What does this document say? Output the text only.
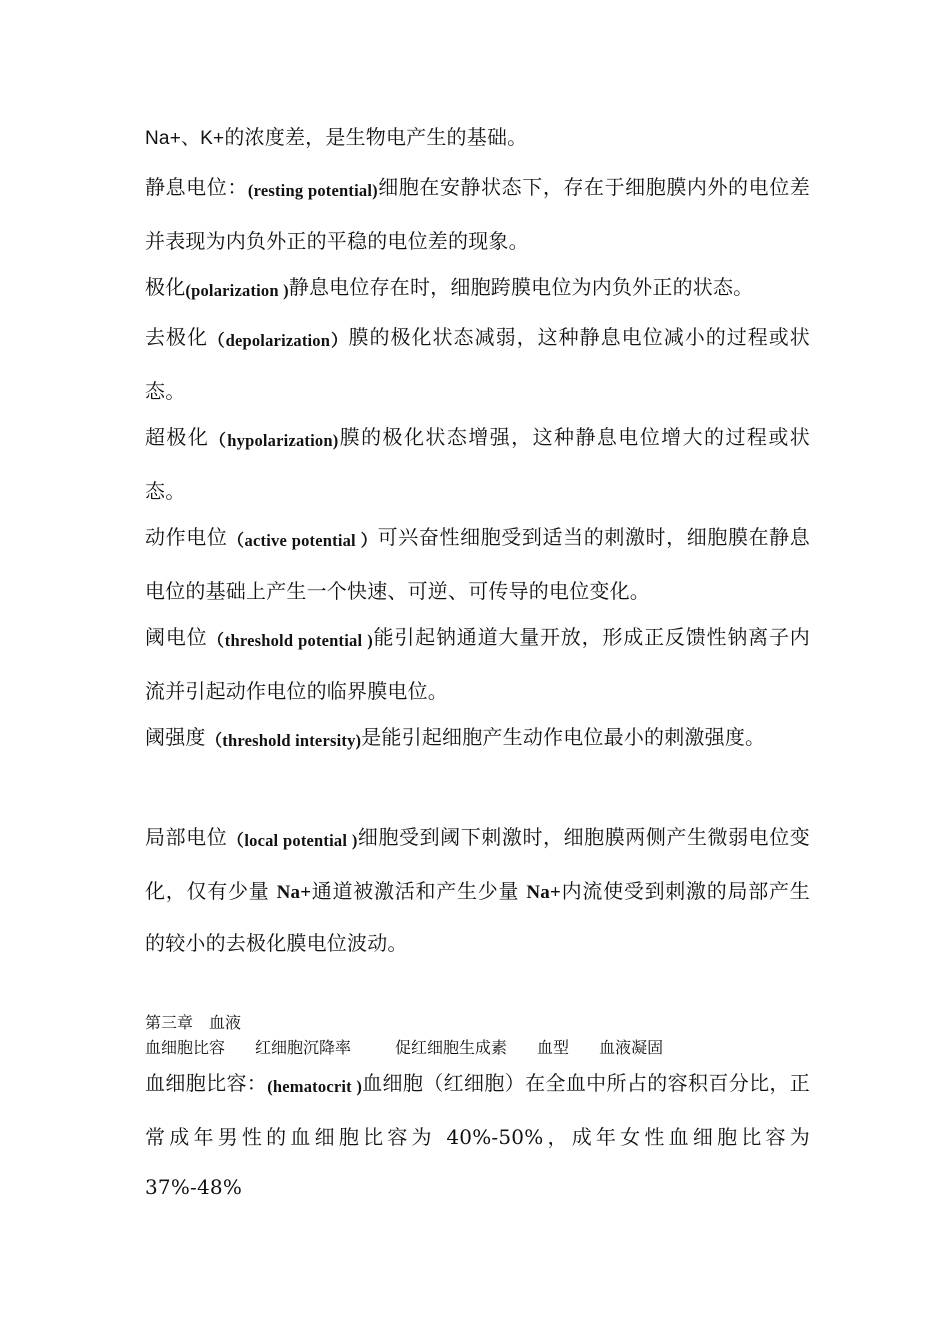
Na+、K+的浓度差，是生物电产生的基础。
静息电位：(resting potential)细胞在安静状态下，存在于细胞膜内外的电位差并表现为内负外正的平稳的电位差的现象。
极化(polarization )静息电位存在时，细胞跨膜电位为内负外正的状态。
去极化（depolarization）膜的极化状态减弱，这种静息电位减小的过程或状态。
超极化（hypolarization)膜的极化状态增强，这种静息电位增大的过程或状态。
动作电位（active potential ）可兴奋性细胞受到适当的刺激时，细胞膜在静息电位的基础上产生一个快速、可逆、可传导的电位变化。
阈电位（threshold potential )能引起钠通道大量开放，形成正反馈性钠离子内流并引起动作电位的临界膜电位。
阈强度（threshold intersity)是能引起细胞产生动作电位最小的刺激强度。
局部电位（local potential )细胞受到阈下刺激时，细胞膜两侧产生微弱电位变化，仅有少量 Na+通道被激活和产生少量 Na+内流使受到刺激的局部产生的较小的去极化膜电位波动。
第三章　血液
血细胞比容 红细胞沉降率	促红细胞生成素 血型 血液凝固
血细胞比容：(hematocrit )血细胞（红细胞）在全血中所占的容积百分比，正常成年男性的血细胞比容为 40%-50%，成年女性血细胞比容为 37%-48%
